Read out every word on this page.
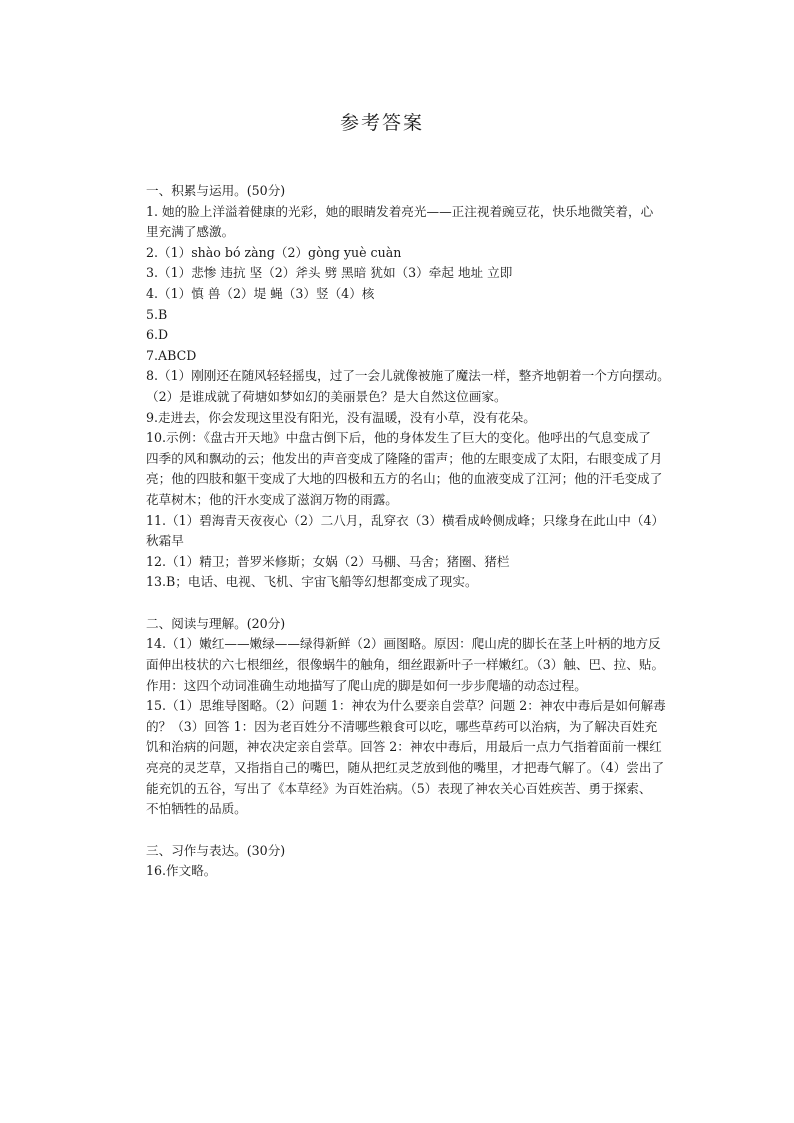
参考答案
一、积累与运用。(50分)
1. 她的脸上洋溢着健康的光彩，她的眼睛发着亮光——正注视着豌豆花，快乐地微笑着，心
里充满了感激。
2.（1）shào bó zàng（2）gòng yuè cuàn
3.（1）悲惨 违抗 坚（2）斧头 劈 黑暗 犹如（3）牵起 地址 立即
4.（1）慎 兽（2）堤 蝇（3）竖（4）核
5.B
6.D
7.ABCD
8.（1）刚刚还在随风轻轻摇曳，过了一会儿就像被施了魔法一样，整齐地朝着一个方向摆动。
（2）是谁成就了荷塘如梦如幻的美丽景色？是大自然这位画家。
9.走进去，你会发现这里没有阳光，没有温暖，没有小草，没有花朵。
10.示例：《盘古开天地》中盘古倒下后，他的身体发生了巨大的变化。他呼出的气息变成了
四季的风和飘动的云；他发出的声音变成了隆隆的雷声；他的左眼变成了太阳，右眼变成了月
亮；他的四肢和躯干变成了大地的四极和五方的名山；他的血液变成了江河；他的汗毛变成了
花草树木；他的汗水变成了滋润万物的雨露。
11.（1）碧海青天夜夜心（2）二八月，乱穿衣（3）横看成岭侧成峰；只缘身在此山中（4）
秋霜早
12.（1）精卫；普罗米修斯；女娲（2）马棚、马舍；猪圈、猪栏
13.B；电话、电视、飞机、宇宙飞船等幻想都变成了现实。
二、阅读与理解。(20分)
14.（1）嫩红——嫩绿——绿得新鲜（2）画图略。原因：爬山虎的脚长在茎上叶柄的地方反
面伸出枝状的六七根细丝，很像蜗牛的触角，细丝跟新叶子一样嫩红。（3）触、巴、拉、贴。
作用：这四个动词准确生动地描写了爬山虎的脚是如何一步步爬墙的动态过程。
15.（1）思维导图略。（2）问题 1：神农为什么要亲自尝草？问题 2：神农中毒后是如何解毒
的？（3）回答 1：因为老百姓分不清哪些粮食可以吃，哪些草药可以治病，为了解决百姓充
饥和治病的问题，神农决定亲自尝草。回答 2：神农中毒后，用最后一点力气指着面前一棵红
亮亮的灵芝草，又指指自己的嘴巴，随从把红灵芝放到他的嘴里，才把毒气解了。（4）尝出了
能充饥的五谷，写出了《本草经》为百姓治病。（5）表现了神农关心百姓疾苦、勇于探索、
不怕牺牲的品质。
三、习作与表达。(30分)
16.作文略。
